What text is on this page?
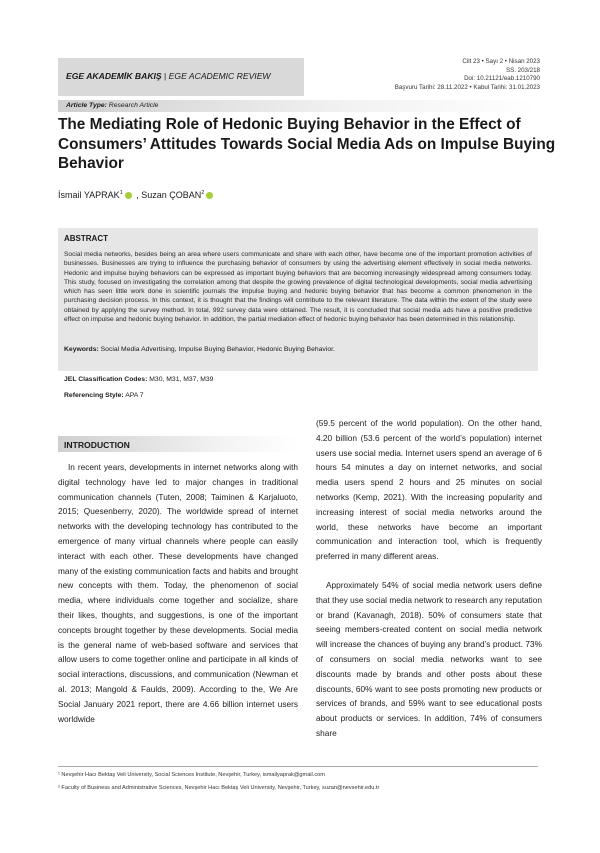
EGE AKADEMİK BAKIŞ | EGE ACADEMIC REVIEW
Cilt 23 • Sayı 2 • Nisan 2023
SS. 203/218
Doi: 10.21121/eab.1210790
Başvuru Tarihi: 28.11.2022 • Kabul Tarihi: 31.01.2023
Article Type: Research Article
The Mediating Role of Hedonic Buying Behavior in the Effect of Consumers’ Attitudes Towards Social Media Ads on Impulse Buying Behavior
İsmail YAPRAK$^1$ , Suzan ÇOBAN$^2$
ABSTRACT
Social media networks, besides being an area where users communicate and share with each other, have become one of the important promotion activities of businesses. Businesses are trying to influence the purchasing behavior of consumers by using the advertising element effectively in social media networks. Hedonic and impulse buying behaviors can be expressed as important buying behaviors that are becoming increasingly widespread among consumers today. This study, focused on investigating the correlation among that despite the growing prevalence of digital technological developments, social media advertising which has seen little work done in scientific journals the impulse buying and hedonic buying behavior that has become a common phenomenon in the purchasing decision process. In this context, it is thought that the findings will contribute to the relevant literature. The data within the extent of the study were obtained by applying the survey method. In total, 992 survey data were obtained. The result, it is concluded that social media ads have a positive predictive effect on impulse and hedonic buying behavior. In addition, the partial mediation effect of hedonic buying behavior has been determined in this relationship.
Keywords: Social Media Advertising, Impulse Buying Behavior, Hedonic Buying Behavior.
JEL Classification Codes: M30, M31, M37, M39
Referencing Style: APA 7
INTRODUCTION

In recent years, developments in internet networks along with digital technology have led to major changes in traditional communication channels (Tuten, 2008; Taiminen & Karjaluoto, 2015; Quesenberry, 2020). The worldwide spread of internet networks with the developing technology has contributed to the emergence of many virtual channels where people can easily interact with each other. These developments have changed many of the existing communication facts and habits and brought new concepts with them. Today, the phenomenon of social media, where individuals come together and socialize, share their likes, thoughts, and suggestions, is one of the important concepts brought together by these developments. Social media is the general name of web-based software and services that allow users to come together online and participate in all kinds of social interactions, discussions, and communication (Newman et al. 2013; Mangold & Faulds, 2009). According to the, We Are Social January 2021 report, there are 4.66 billion internet users worldwide

(59.5 percent of the world population). On the other hand, 4.20 billion (53.6 percent of the world’s population) internet users use social media. Internet users spend an average of 6 hours 54 minutes a day on internet networks, and social media users spend 2 hours and 25 minutes on social networks (Kemp, 2021). With the increasing popularity and increasing interest of social media networks around the world, these networks have become an important communication and interaction tool, which is frequently preferred in many different areas.

Approximately 54% of social media network users define that they use social media network to research any reputation or brand (Kavanagh, 2018). 50% of consumers state that seeing members-created content on social media network will increase the chances of buying any brand’s product. 73% of consumers on social media networks want to see discounts made by brands and other posts about these discounts, 60% want to see posts promoting new products or services of brands, and 59% want to see educational posts about products or services. In addition, 74% of consumers share

¹ Nevşehir Hacı Bektaş Veli University, Social Sciences Institute, Nevşehir, Turkey, ismailyaprak@gmail.com
² Faculty of Business and Administrative Sciences, Nevşehir Hacı Bektaş Veli University, Nevşehir, Turkey, suzan@nevsehir.edu.tr
